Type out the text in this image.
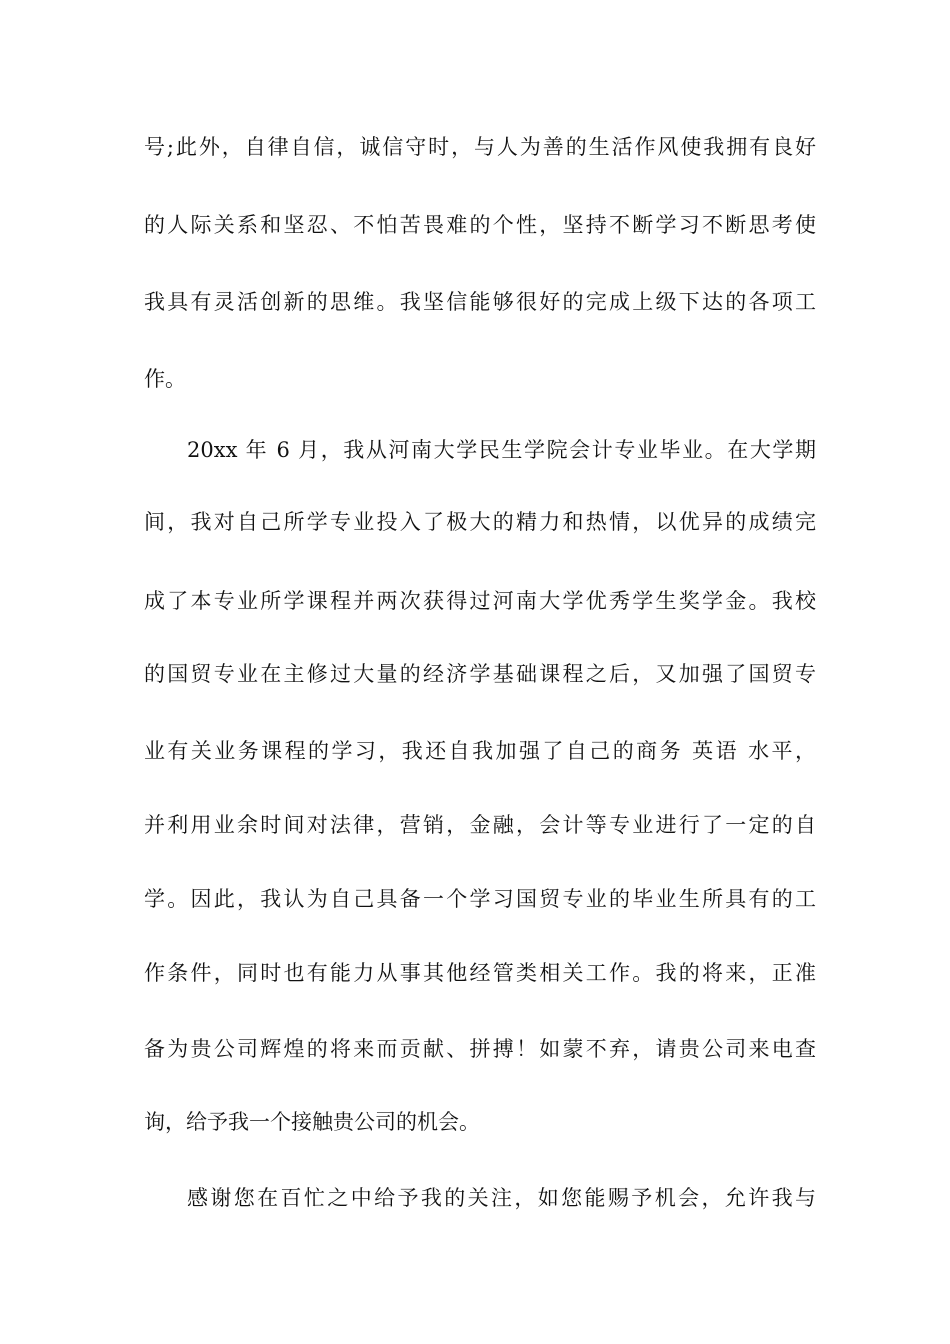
号;此外，自律自信，诚信守时，与人为善的生活作风使我拥有良好
的人际关系和坚忍、不怕苦畏难的个性，坚持不断学习不断思考使
我具有灵活创新的思维。我坚信能够很好的完成上级下达的各项工
作。
20xx 年 6 月，我从河南大学民生学院会计专业毕业。在大学期
间，我对自己所学专业投入了极大的精力和热情，以优异的成绩完
成了本专业所学课程并两次获得过河南大学优秀学生奖学金。我校
的国贸专业在主修过大量的经济学基础课程之后，又加强了国贸专
业有关业务课程的学习，我还自我加强了自己的商务 英语 水平，
并利用业余时间对法律，营销，金融，会计等专业进行了一定的自
学。因此，我认为自己具备一个学习国贸专业的毕业生所具有的工
作条件，同时也有能力从事其他经管类相关工作。我的将来，正准
备为贵公司辉煌的将来而贡献、拼搏！如蒙不弃，请贵公司来电查
询，给予我一个接触贵公司的机会。
感谢您在百忙之中给予我的关注，如您能赐予机会，允许我与
